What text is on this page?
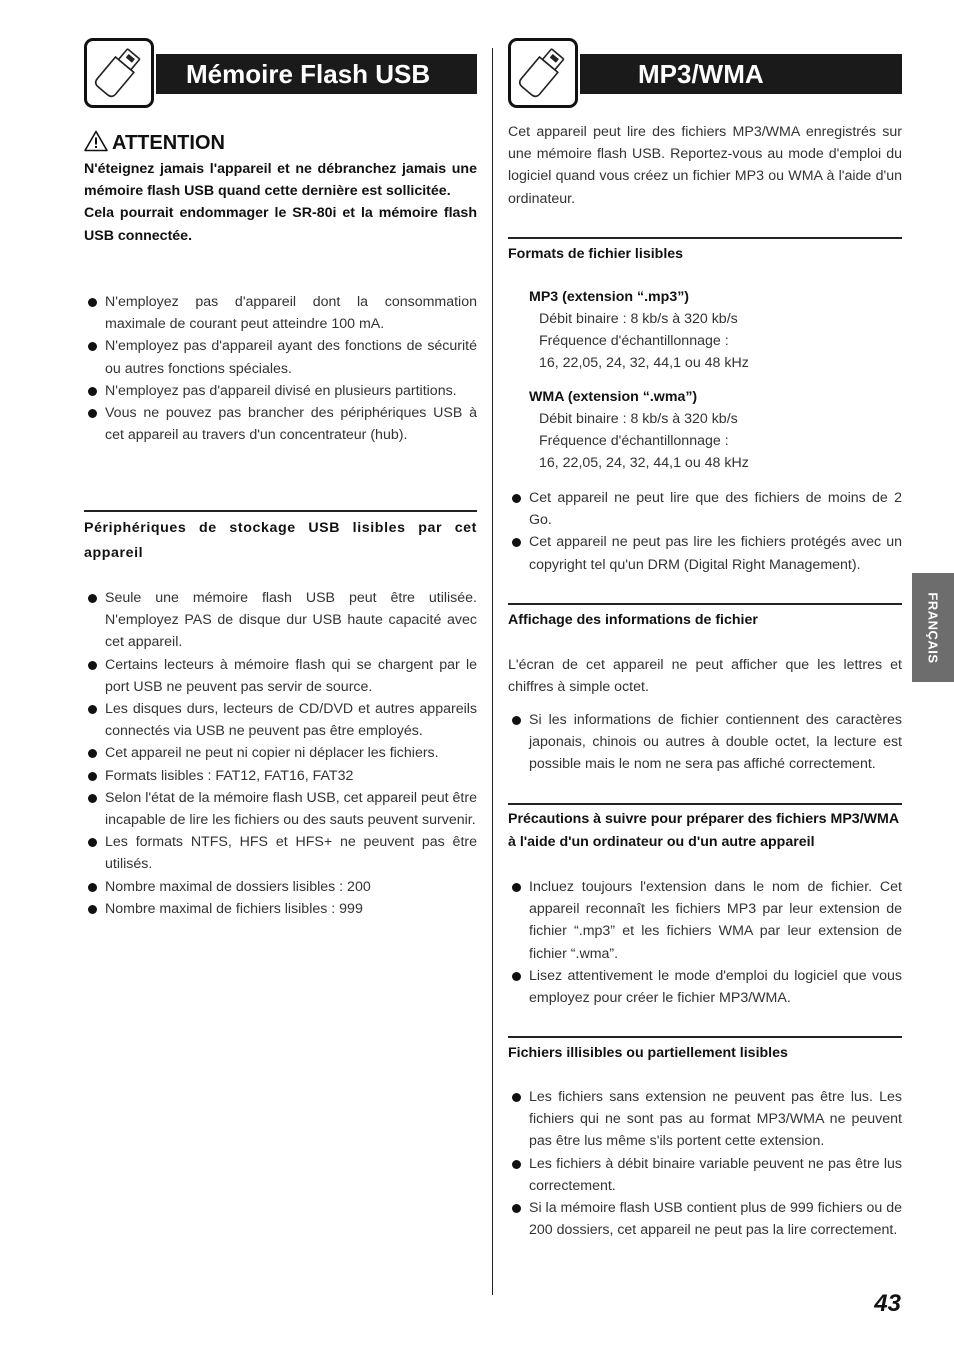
Mémoire Flash USB
ATTENTION

N'éteignez jamais l'appareil et ne débranchez jamais une mémoire flash USB quand cette dernière est sollicitée.

Cela pourrait endommager le SR-80i et la mémoire flash USB connectée.

N'employez pas d'appareil dont la consommation maximale de courant peut atteindre 100 mA.
N'employez pas d'appareil ayant des fonctions de sécurité ou autres fonctions spéciales.
N'employez pas d'appareil divisé en plusieurs partitions.
Vous ne pouvez pas brancher des périphériques USB à cet appareil au travers d'un concentrateur (hub).

Périphériques de stockage USB lisibles par cet appareil

Seule une mémoire flash USB peut être utilisée. N'employez PAS de disque dur USB haute capacité avec cet appareil.
Certains lecteurs à mémoire flash qui se chargent par le port USB ne peuvent pas servir de source.
Les disques durs, lecteurs de CD/DVD et autres appareils connectés via USB ne peuvent pas être employés.
Cet appareil ne peut ni copier ni déplacer les fichiers.
Formats lisibles : FAT12, FAT16, FAT32
Selon l'état de la mémoire flash USB, cet appareil peut être incapable de lire les fichiers ou des sauts peuvent survenir.
Les formats NTFS, HFS et HFS+ ne peuvent pas être utilisés.
Nombre maximal de dossiers lisibles : 200
Nombre maximal de fichiers lisibles : 999
MP3/WMA

Cet appareil peut lire des fichiers MP3/WMA enregistrés sur une mémoire flash USB. Reportez-vous au mode d'emploi du logiciel quand vous créez un fichier MP3 ou WMA à l'aide d'un ordinateur.

Formats de fichier lisibles

MP3 (extension “.mp3”)

Débit binaire : 8 kb/s à 320 kb/s

Fréquence d'échantillonnage :

16, 22,05, 24, 32, 44,1 ou 48 kHz

WMA (extension “.wma”)

Débit binaire : 8 kb/s à 320 kb/s

Fréquence d'échantillonnage :

16, 22,05, 24, 32, 44,1 ou 48 kHz

Cet appareil ne peut lire que des fichiers de moins de 2 Go.
Cet appareil ne peut pas lire les fichiers protégés avec un copyright tel qu'un DRM (Digital Right Management).

Affichage des informations de fichier

L'écran de cet appareil ne peut afficher que les lettres et chiffres à simple octet.

Si les informations de fichier contiennent des caractères japonais, chinois ou autres à double octet, la lecture est possible mais le nom ne sera pas affiché correctement.

Précautions à suivre pour préparer des fichiers MP3/WMA à l'aide d'un ordinateur ou d'un autre appareil

Incluez toujours l'extension dans le nom de fichier. Cet appareil reconnaît les fichiers MP3 par leur extension de fichier “.mp3” et les fichiers WMA par leur extension de fichier “.wma”.
Lisez attentivement le mode d'emploi du logiciel que vous employez pour créer le fichier MP3/WMA.

Fichiers illisibles ou partiellement lisibles

Les fichiers sans extension ne peuvent pas être lus. Les fichiers qui ne sont pas au format MP3/WMA ne peuvent pas être lus même s'ils portent cette extension.
Les fichiers à débit binaire variable peuvent ne pas être lus correctement.
Si la mémoire flash USB contient plus de 999 fichiers ou de 200 dossiers, cet appareil ne peut pas la lire correctement.
FRANÇAIS
43
